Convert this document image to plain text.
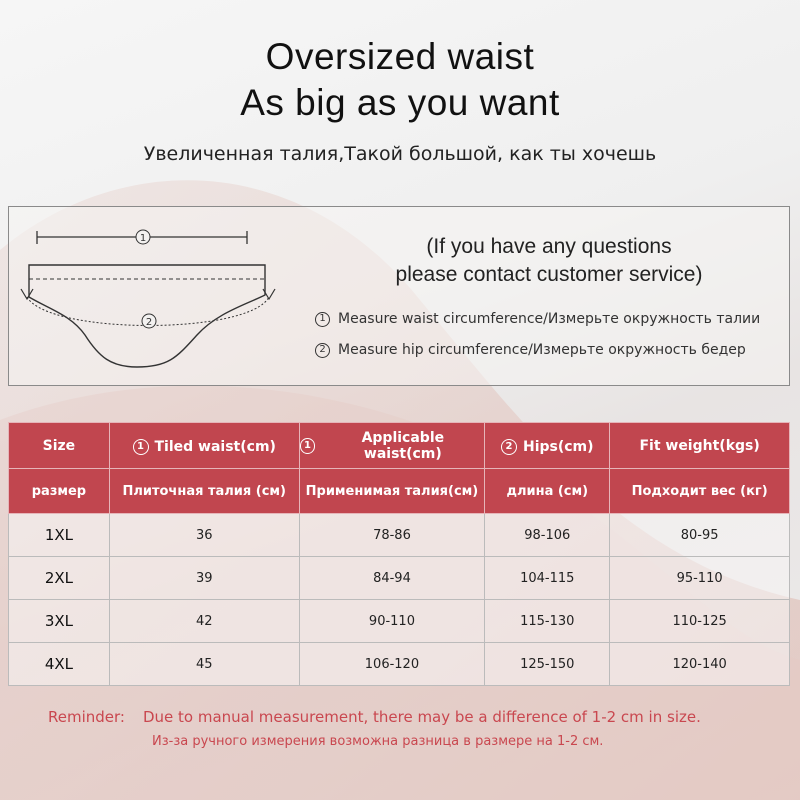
Oversized waist
As big as you want
Увеличенная талия,Такой большой, как ты хочешь
1
2
(If you have any questions
please contact customer service)
1 Measure waist circumference/Измерьте окружность талии
2 Measure hip circumference/Измерьте окружность бедер
Size	1 Tiled waist(cm)	1 Applicable waist(cm)	2 Hips(cm)	Fit weight(kgs)
размер	Плиточная талия (см)	Применимая талия(см)	длина (см)	Подходит вес (кг)
1XL	36	78-86	98-106	80-95
2XL	39	84-94	104-115	95-110
3XL	42	90-110	115-130	110-125
4XL	45	106-120	125-150	120-140
Reminder: Due to manual measurement, there may be a difference of 1-2 cm in size.
Из-за ручного измерения возможна разница в размере на 1-2 см.
